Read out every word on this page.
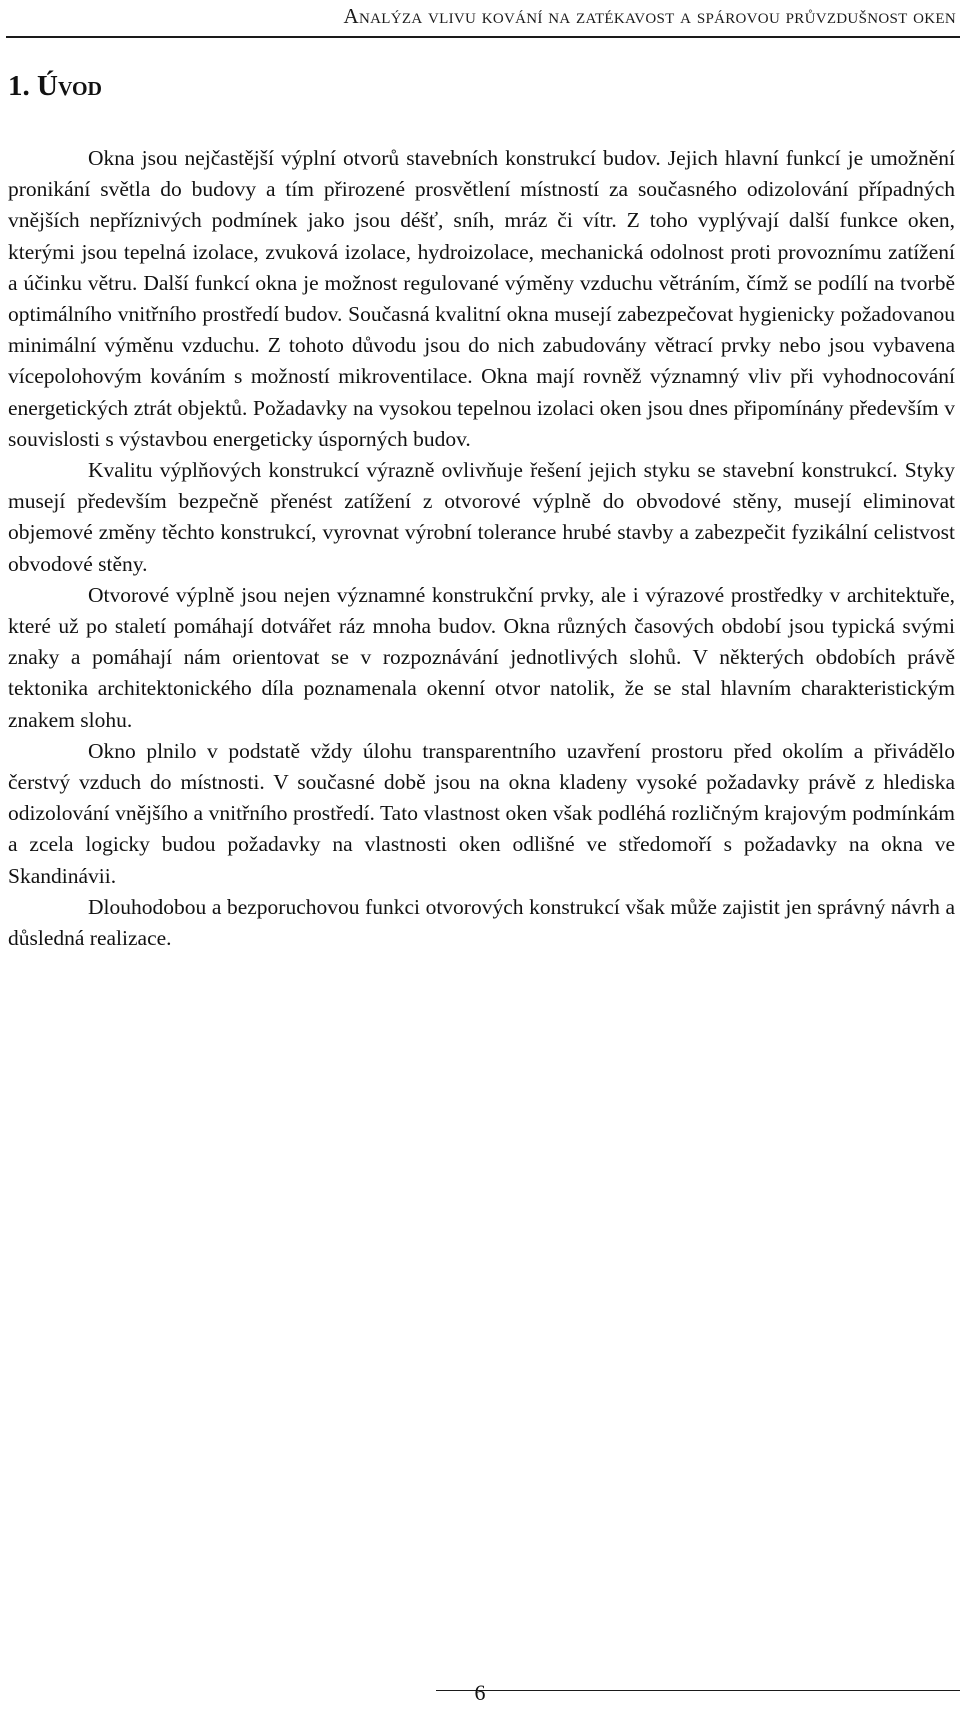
Analýza vlivu kování na zatékavost a spárovou průvzdušnost oken
1. Úvod

Okna jsou nejčastější výplní otvorů stavebních konstrukcí budov. Jejich hlavní funkcí je umožnění pronikání světla do budovy a tím přirozené prosvětlení místností za současného odizolování případných vnějších nepříznivých podmínek jako jsou déšť, sníh, mráz či vítr. Z toho vyplývají další funkce oken, kterými jsou tepelná izolace, zvuková izolace, hydroizolace, mechanická odolnost proti provoznímu zatížení a účinku větru. Další funkcí okna je možnost regulované výměny vzduchu větráním, čímž se podílí na tvorbě optimálního vnitřního prostředí budov. Současná kvalitní okna musejí zabezpečovat hygienicky požadovanou minimální výměnu vzduchu. Z tohoto důvodu jsou do nich zabudovány větrací prvky nebo jsou vybavena vícepolohovým kováním s možností mikroventilace. Okna mají rovněž významný vliv při vyhodnocování energetických ztrát objektů. Požadavky na vysokou tepelnou izolaci oken jsou dnes připomínány především v souvislosti s výstavbou energeticky úsporných budov.

Kvalitu výplňových konstrukcí výrazně ovlivňuje řešení jejich styku se stavební konstrukcí. Styky musejí především bezpečně přenést zatížení z otvorové výplně do obvodové stěny, musejí eliminovat objemové změny těchto konstrukcí, vyrovnat výrobní tolerance hrubé stavby a zabezpečit fyzikální celistvost obvodové stěny.

Otvorové výplně jsou nejen významné konstrukční prvky, ale i výrazové prostředky v architektuře, které už po staletí pomáhají dotvářet ráz mnoha budov. Okna různých časových období jsou typická svými znaky a pomáhají nám orientovat se v rozpoznávání jednotlivých slohů. V některých obdobích právě tektonika architektonického díla poznamenala okenní otvor natolik, že se stal hlavním charakteristickým znakem slohu.

Okno plnilo v podstatě vždy úlohu transparentního uzavření prostoru před okolím a přivádělo čerstvý vzduch do místnosti. V současné době jsou na okna kladeny vysoké požadavky právě z hlediska odizolování vnějšího a vnitřního prostředí. Tato vlastnost oken však podléhá rozličným krajovým podmínkám a zcela logicky budou požadavky na vlastnosti oken odlišné ve středomoří s požadavky na okna ve Skandinávii.

Dlouhodobou a bezporuchovou funkci otvorových konstrukcí však může zajistit jen správný návrh a důsledná realizace.

6
